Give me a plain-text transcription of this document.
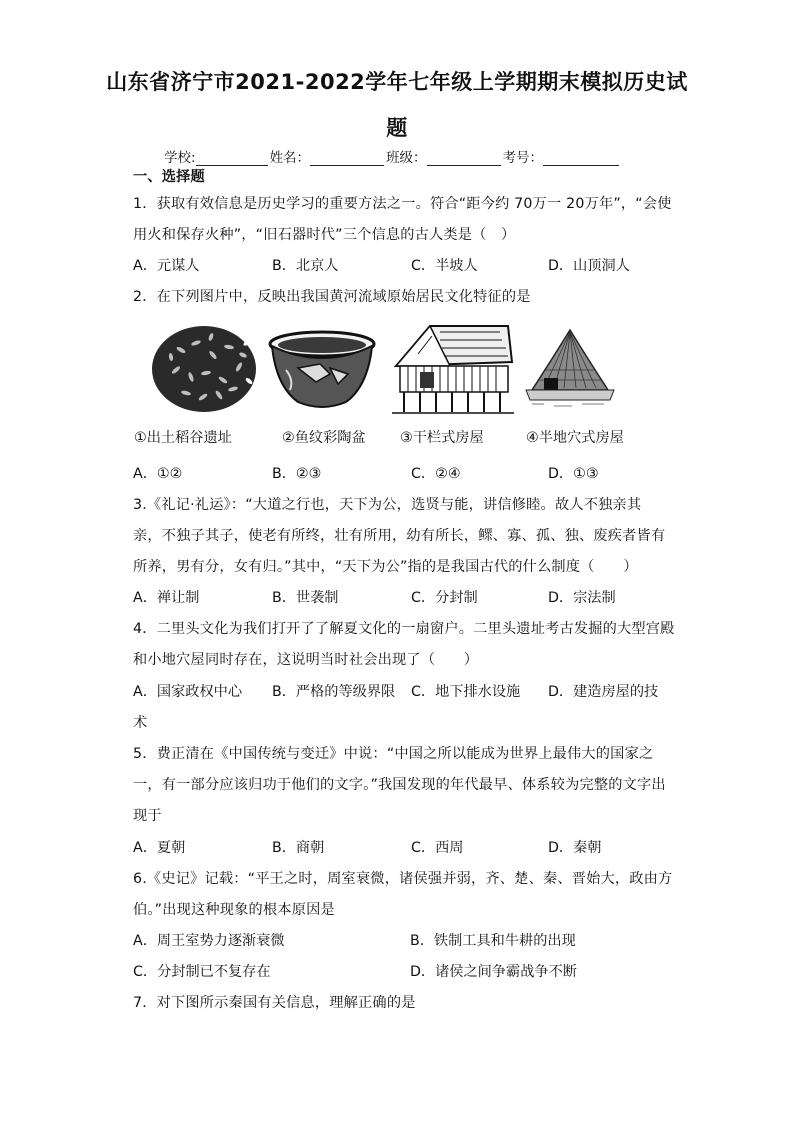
山东省济宁市2021-2022学年七年级上学期期末模拟历史试
题
学校:	姓名：	班级：	考号：
一、选择题
1．获取有效信息是历史学习的重要方法之一。符合“距今约 70万一 20万年”，“会使
用火和保存火种”，“旧石器时代”三个信息的古人类是（　）
A．元谋人	B．北京人	C．半坡人	D．山顶洞人
2．在下列图片中，反映出我国黄河流域原始居民文化特征的是
①出土稻谷遗址	②鱼纹彩陶盆 ③干栏式房屋	④半地穴式房屋
A．①②	B．②③	C．②④	D．①③
3.《礼记·礼运》：“大道之行也，天下为公，选贤与能，讲信修睦。故人不独亲其
亲，不独子其子，使老有所终，壮有所用，幼有所长，鳏、寡、孤、独、废疾者皆有
所养，男有分，女有归。”其中，“天下为公”指的是我国古代的什么制度（　　）
A．禅让制	B．世袭制	C．分封制	D．宗法制
4．二里头文化为我们打开了了解夏文化的一扇窗户。二里头遗址考古发掘的大型宫殿
和小地穴屋同时存在，这说明当时社会出现了（　　）
A．国家政权中心 B．严格的等级界限 C．地下排水设施 D．建造房屋的技
术
5．费正清在《中国传统与变迁》中说：“中国之所以能成为世界上最伟大的国家之
一，有一部分应该归功于他们的文字。”我国发现的年代最早、体系较为完整的文字出
现于
A．夏朝	B．商朝	C．西周	D．秦朝
6.《史记》记载：“平王之时，周室衰微，诸侯强并弱，齐、楚、秦、晋始大，政由方
伯。”出现这种现象的根本原因是
A．周王室势力逐渐衰微	B．铁制工具和牛耕的出现
C．分封制已不复存在	D．诸侯之间争霸战争不断
7．对下图所示秦国有关信息，理解正确的是
